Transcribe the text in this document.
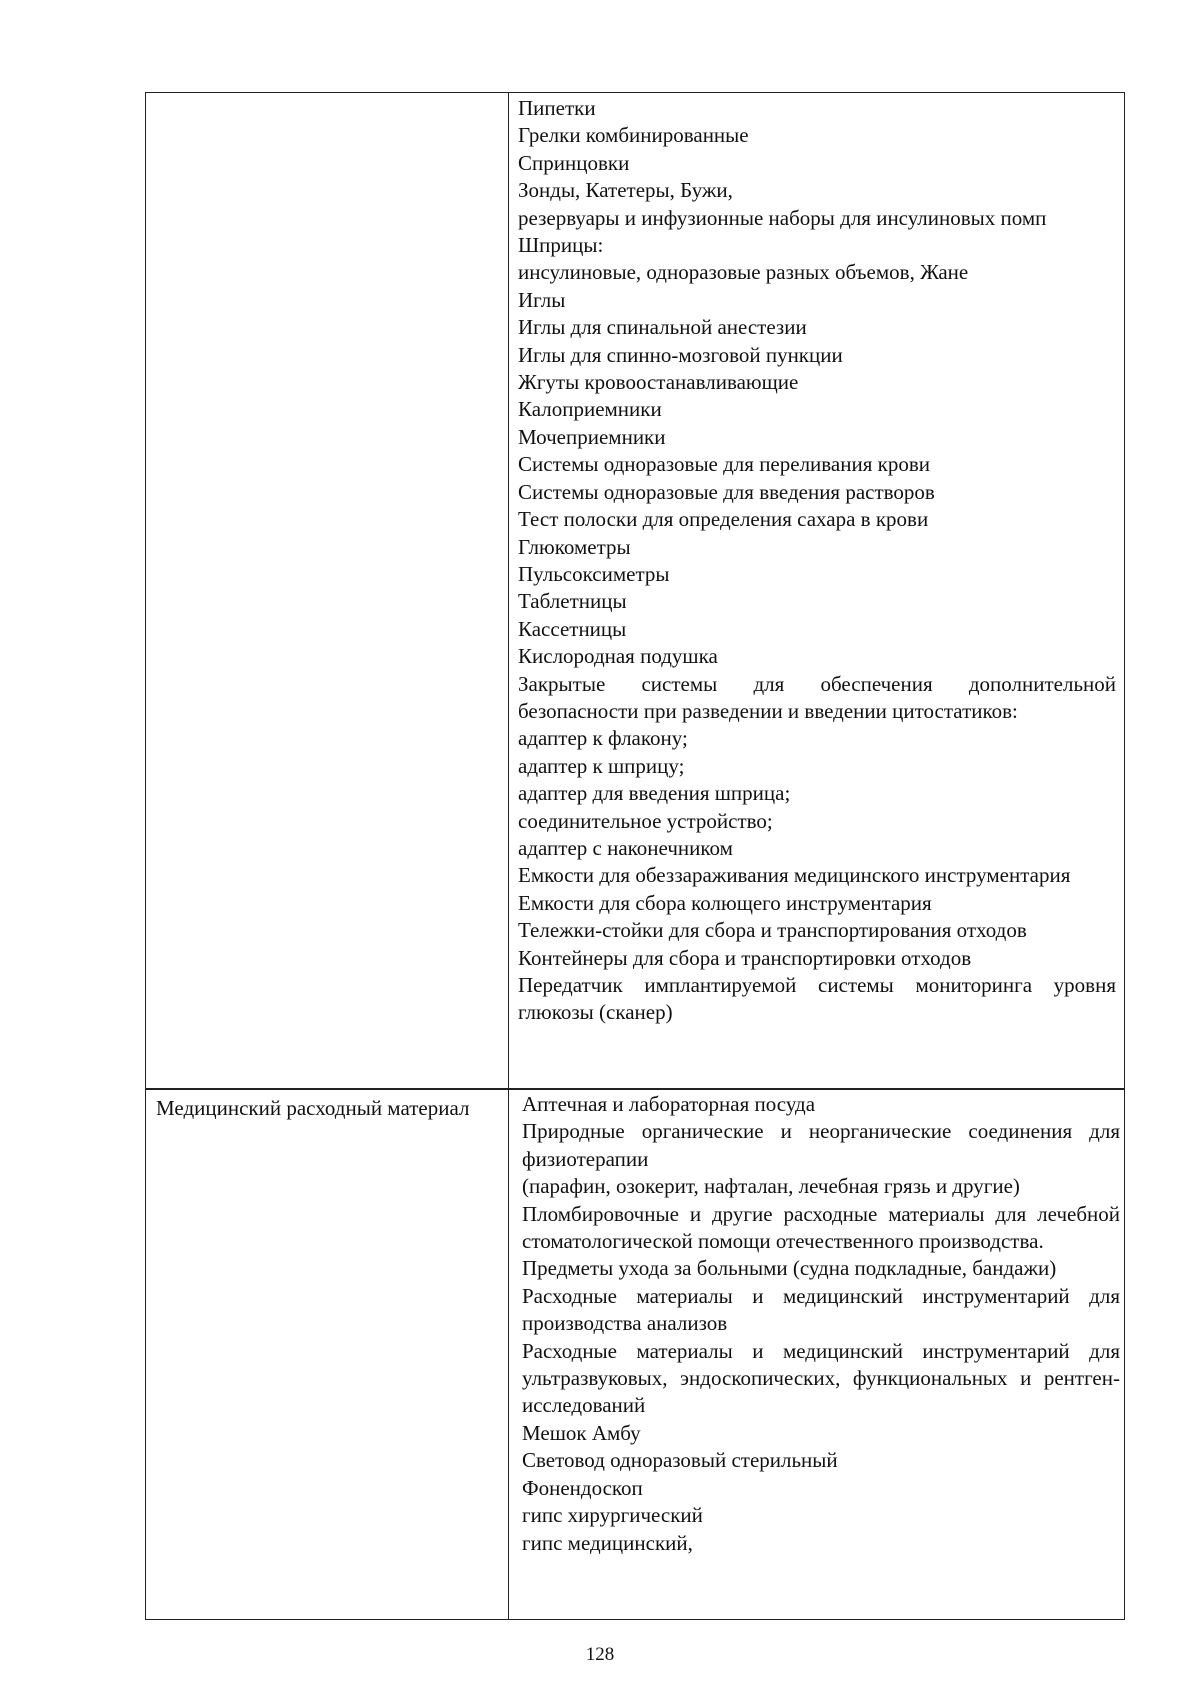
Пипетки

Грелки комбинированные

Спринцовки

Зонды, Катетеры, Бужи,

резервуары и инфузионные наборы для инсулиновых помп

Шприцы:

инсулиновые, одноразовые разных объемов, Жане

Иглы

Иглы для спинальной анестезии

Иглы для спинно-мозговой пункции

Жгуты кровоостанавливающие

Калоприемники

Мочеприемники

Системы одноразовые для переливания крови

Системы одноразовые для введения растворов

Тест полоски для определения сахара в крови

Глюкометры

Пульсоксиметры

Таблетницы

Кассетницы

Кислородная подушка

Закрытые системы для обеспечения дополнительной безопасности при разведении и введении цитостатиков:

адаптер к флакону;

адаптер к шприцу;

адаптер для введения шприца;

соединительное устройство;

адаптер с наконечником

Емкости для обеззараживания медицинского инструментария

Емкости для сбора колющего инструментария

Тележки-стойки для сбора и транспортирования отходов

Контейнеры для сбора и транспортировки отходов

Передатчик имплантируемой системы мониторинга уровня глюкозы (сканер)

Медицинский расходный материал	Аптечная и лабораторная посуда

Природные органические и неорганические соединения для физиотерапии

(парафин, озокерит, нафталан, лечебная грязь и другие)

Пломбировочные и другие расходные материалы для лечебной стоматологической помощи отечественного производства.

Предметы ухода за больными (судна подкладные, бандажи)

Расходные материалы и медицинский инструментарий для производства анализов

Расходные материалы и медицинский инструментарий для ультразвуковых, эндоскопических, функциональных и рентген-исследований

Мешок Амбу

Световод одноразовый стерильный

Фонендоскоп

гипс хирургический

гипс медицинский,

128
